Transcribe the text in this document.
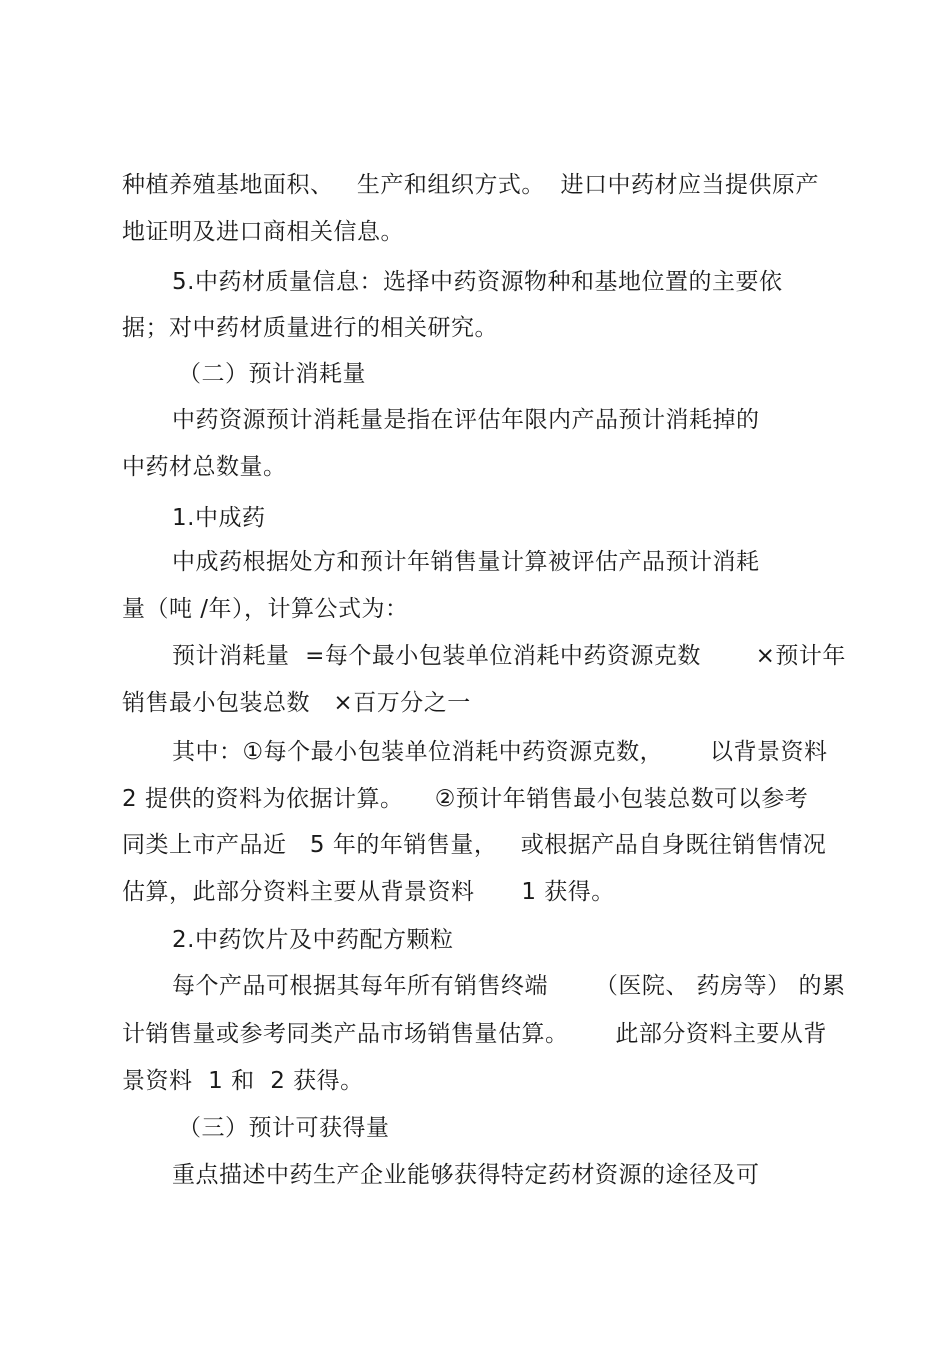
种植养殖基地面积、   生产和组织方式。  进口中药材应当提供原产
地证明及进口商相关信息。
5.中药材质量信息：选择中药资源物种和基地位置的主要依
据；对中药材质量进行的相关研究。
（二）预计消耗量
中药资源预计消耗量是指在评估年限内产品预计消耗掉的
中药材总数量。
1.中成药
中成药根据处方和预计年销售量计算被评估产品预计消耗
量（吨 /年），计算公式为：
预计消耗量  =每个最小包装单位消耗中药资源克数       ×预计年
销售最小包装总数   ×百万分之一
其中：①每个最小包装单位消耗中药资源克数，      以背景资料
2 提供的资料为依据计算。    ②预计年销售最小包装总数可以参考
同类上市产品近   5 年的年销售量，   或根据产品自身既往销售情况
估算，此部分资料主要从背景资料      1 获得。
2.中药饮片及中药配方颗粒
每个产品可根据其每年所有销售终端      （医院、 药房等） 的累
计销售量或参考同类产品市场销售量估算。      此部分资料主要从背
景资料  1 和  2 获得。
（三）预计可获得量
重点描述中药生产企业能够获得特定药材资源的途径及可
